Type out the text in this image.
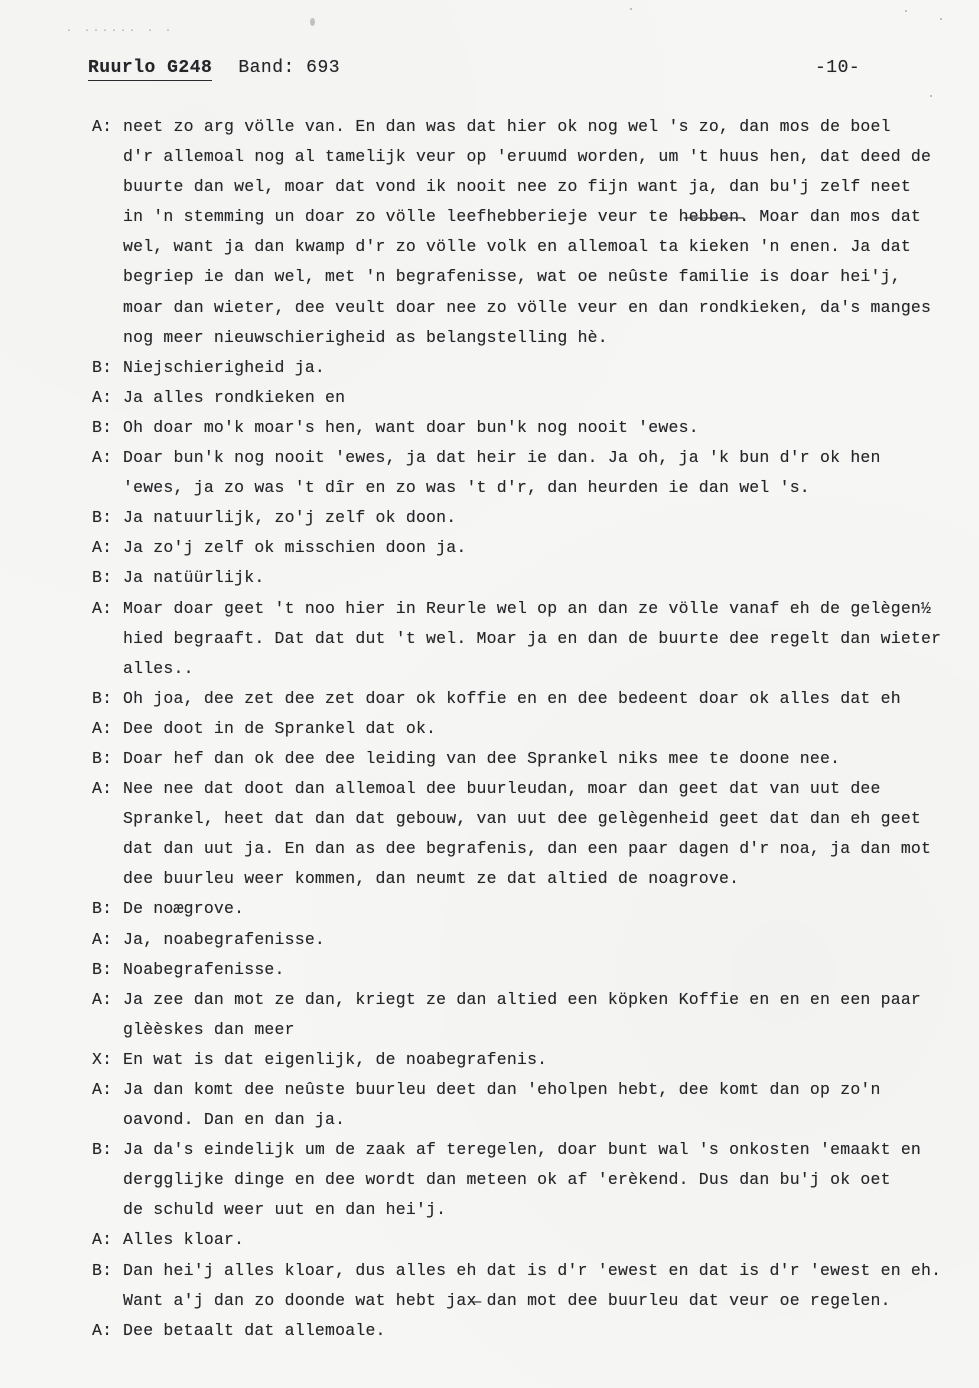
· ······ · ·
Ruurlo G248 Band: 693	-10-
A: neet zo arg völle van. En dan was dat hier ok nog wel 's zo, dan mos de boel
d'r allemoal nog al tamelijk veur op 'eruumd worden, um 't huus hen, dat deed de
buurte dan wel, moar dat vond ik nooit nee zo fijn want ja, dan bu'j zelf neet
in 'n stemming un doar zo völle leefhebberieje veur te h̶e̶b̶b̶e̶n̶. Moar dan mos dat
wel, want ja dan kwamp d'r zo völle volk en allemoal ta kieken 'n enen. Ja dat
begriep ie dan wel, met 'n begrafenisse, wat oe neûste familie is doar hei'j,
moar dan wieter, dee veult doar nee zo völle veur en dan rondkieken, da's manges
nog meer nieuwschierigheid as belangstelling hè.
B: Niejschierigheid ja.
A: Ja alles rondkieken en
B: Oh doar mo'k moar's hen, want doar bun'k nog nooit 'ewes.
A: Doar bun'k nog nooit 'ewes, ja dat heir ie dan. Ja oh, ja 'k bun d'r ok hen
'ewes, ja zo was 't dîr en zo was 't d'r, dan heurden ie dan wel 's.
B: Ja natuurlijk, zo'j zelf ok doon.
A: Ja zo'j zelf ok misschien doon ja.
B: Ja natüürlijk.
A: Moar doar geet 't noo hier in Reurle wel op an dan ze völle vanaf eh de gelègen½
hied begraaft. Dat dat dut 't wel. Moar ja en dan de buurte dee regelt dan wieter
alles..
B: Oh joa, dee zet dee zet doar ok koffie en en dee bedeent doar ok alles dat eh
A: Dee doot in de Sprankel dat ok.
B: Doar hef dan ok dee dee leiding van dee Sprankel niks mee te doone nee.
A: Nee nee dat doot dan allemoal dee buurleudan, moar dan geet dat van uut dee
Sprankel, heet dat dan dat gebouw, van uut dee gelègenheid geet dat dan eh geet
dat dan uut ja. En dan as dee begrafenis, dan een paar dagen d'r noa, ja dan mot
dee buurleu weer kommen, dan neumt ze dat altied de noagrove.
B: De noægrove.
A: Ja, noabegrafenisse.
B: Noabegrafenisse.
A: Ja zee dan mot ze dan, kriegt ze dan altied een köpken Koffie en en en een paar
glèèskes dan meer
X: En wat is dat eigenlijk, de noabegrafenis.
A: Ja dan komt dee neûste buurleu deet dan 'eholpen hebt, dee komt dan op zo'n
oavond. Dan en dan ja.
B: Ja da's eindelijk um de zaak af teregelen, doar bunt wal 's onkosten 'emaakt en
dergglijke dinge en dee wordt dan meteen ok af 'erèkend. Dus dan bu'j ok oet
de schuld weer uut en dan hei'j.
A: Alles kloar.
B: Dan hei'j alles kloar, dus alles eh dat is d'r 'ewest en dat is d'r 'ewest en eh.
Want a'j dan zo doonde wat hebt jax̶ dan mot dee buurleu dat veur oe regelen.
A: Dee betaalt dat allemoale.
